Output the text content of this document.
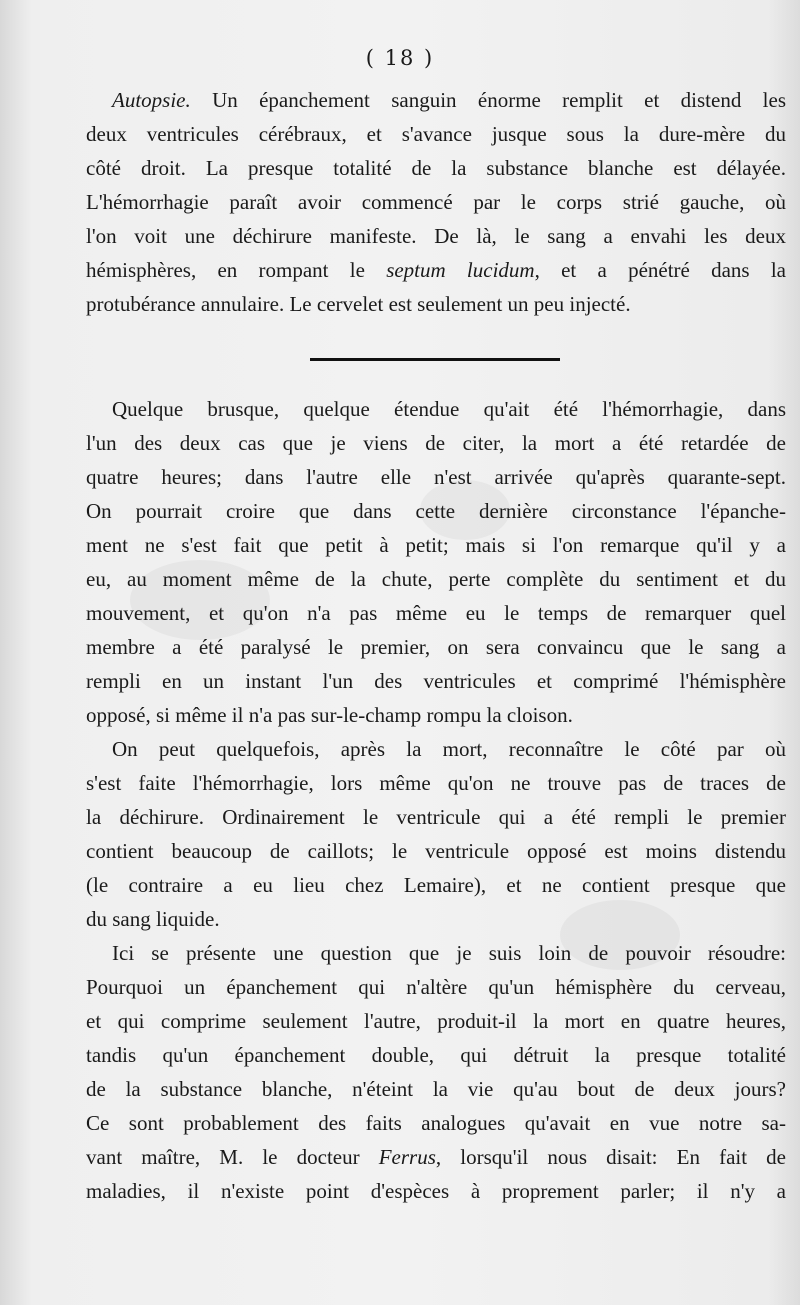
( 18 )
Autopsie. Un épanchement sanguin énorme remplit et distend les
deux ventricules cérébraux, et s'avance jusque sous la dure-mère du
côté droit. La presque totalité de la substance blanche est délayée.
L'hémorrhagie paraît avoir commencé par le corps strié gauche, où
l'on voit une déchirure manifeste. De là, le sang a envahi les deux
hémisphères, en rompant le septum lucidum, et a pénétré dans la
protubérance annulaire. Le cervelet est seulement un peu injecté.
Quelque brusque, quelque étendue qu'ait été l'hémorrhagie, dans
l'un des deux cas que je viens de citer, la mort a été retardée de
quatre heures; dans l'autre elle n'est arrivée qu'après quarante-sept.
On pourrait croire que dans cette dernière circonstance l'épanche-
ment ne s'est fait que petit à petit; mais si l'on remarque qu'il y a
eu, au moment même de la chute, perte complète du sentiment et du
mouvement, et qu'on n'a pas même eu le temps de remarquer quel
membre a été paralysé le premier, on sera convaincu que le sang a
rempli en un instant l'un des ventricules et comprimé l'hémisphère
opposé, si même il n'a pas sur-le-champ rompu la cloison.
On peut quelquefois, après la mort, reconnaître le côté par où
s'est faite l'hémorrhagie, lors même qu'on ne trouve pas de traces de
la déchirure. Ordinairement le ventricule qui a été rempli le premier
contient beaucoup de caillots; le ventricule opposé est moins distendu
(le contraire a eu lieu chez Lemaire), et ne contient presque que
du sang liquide.
Ici se présente une question que je suis loin de pouvoir résoudre:
Pourquoi un épanchement qui n'altère qu'un hémisphère du cerveau,
et qui comprime seulement l'autre, produit-il la mort en quatre heures,
tandis qu'un épanchement double, qui détruit la presque totalité
de la substance blanche, n'éteint la vie qu'au bout de deux jours?
Ce sont probablement des faits analogues qu'avait en vue notre sa-
vant maître, M. le docteur Ferrus, lorsqu'il nous disait: En fait de
maladies, il n'existe point d'espèces à proprement parler; il n'y a
